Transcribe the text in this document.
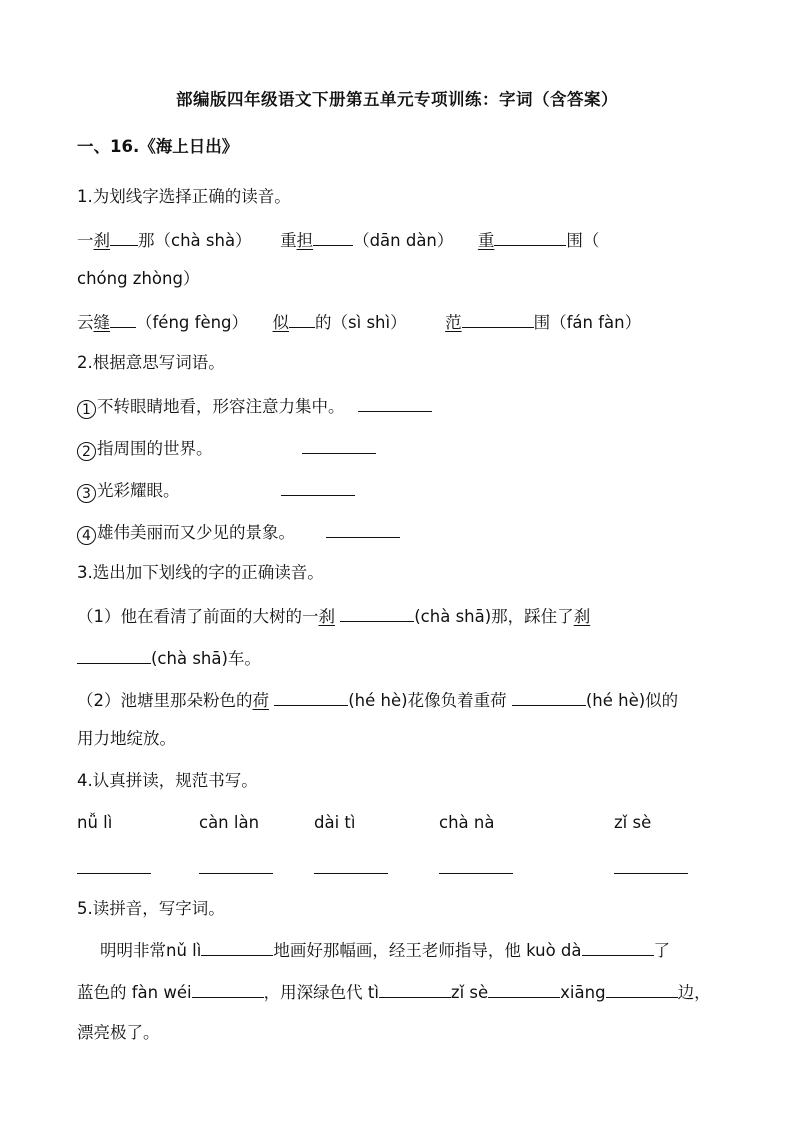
部编版四年级语文下册第五单元专项训练：字词（含答案）
一、16.《海上日出》
1.为划线字选择正确的读音。
一刹 那（chà shà） 重担 （dān dàn） 重	围（
chóng zhòng）
云缝 （féng fèng） 似 的（sì shì） 范	围（fán fàn）
2.根据意思写词语。
1 不转眼睛地看，形容注意力集中。
2 指周围的世界。
3 光彩耀眼。
4 雄伟美丽而又少见的景象。
3.选出加下划线的字的正确读音。
（1）他在看清了前面的大树的一刹	(chà shā)那，踩住了刹
(chà shā)车。
（2）池塘里那朵粉色的荷	(hé hè)花像负着重荷	(hé hè)似的
用力地绽放。
4.认真拼读，规范书写。
nǚ lì	càn làn	dài tì	chà nà	zǐ sè
5.读拼音，写字词。
明明非常nǔ lì	地画好那幅画，经王老师指导，他 kuò dà	了
蓝色的 fàn wéi	，用深绿色代 tì	zǐ sè	xiāng	边，
漂亮极了。
